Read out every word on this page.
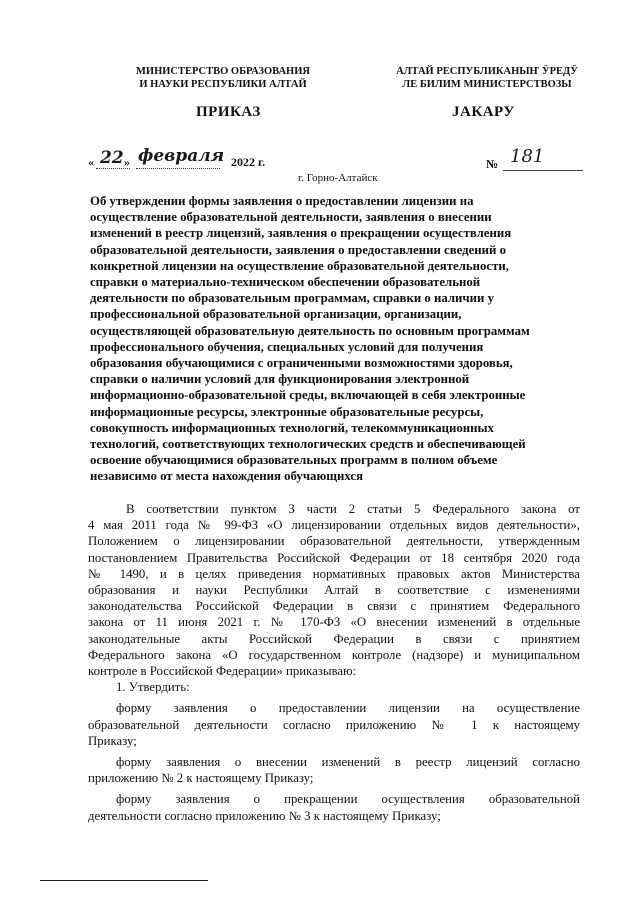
МИНИСТЕРСТВО ОБРАЗОВАНИЯ
И НАУКИ РЕСПУБЛИКИ АЛТАЙ
АЛТАЙ РЕСПУБЛИКАНЫҤ ӰРЕДӰ
ЛЕ БИЛИМ МИНИСТЕРСТВОЗЫ
ПРИКАЗ	JАКАРУ
« 22 » февраля 2022 г.	№ 181
г. Горно-Алтайск
Об утверждении формы заявления о предоставлении лицензии на
осуществление образовательной деятельности, заявления о внесении
изменений в реестр лицензий, заявления о прекращении осуществления
образовательной деятельности, заявления о предоставлении сведений о
конкретной лицензии на осуществление образовательной деятельности,
справки о материально-техническом обеспечении образовательной
деятельности по образовательным программам, справки о наличии у
профессиональной образовательной организации, организации,
осуществляющей образовательную деятельность по основным программам
профессионального обучения, специальных условий для получения
образования обучающимися с ограниченными возможностями здоровья,
справки о наличии условий для функционирования электронной
информационно-образовательной среды, включающей в себя электронные
информационные ресурсы, электронные образовательные ресурсы,
совокупность информационных технологий, телекоммуникационных
технологий, соответствующих технологических средств и обеспечивающей
освоение обучающимися образовательных программ в полном объеме
независимо от места нахождения обучающихся
В соответствии пунктом 3 части 2 статьи 5 Федерального закона от
4 мая 2011 года № 99-ФЗ «О лицензировании отдельных видов деятельности»,
Положением о лицензировании образовательной деятельности, утвержденным
постановлением Правительства Российской Федерации от 18 сентября 2020 года
№ 1490, и в целях приведения нормативных правовых актов Министерства
образования и науки Республики Алтай в соответствие с изменениями
законодательства Российской Федерации в связи с принятием Федерального
закона от 11 июня 2021 г. № 170-ФЗ «О внесении изменений в отдельные
законодательные акты Российской Федерации в связи с принятием
Федерального закона «О государственном контроле (надзоре) и муниципальном
контроле в Российской Федерации» приказываю:
1. Утвердить:
форму заявления о предоставлении лицензии на осуществление
образовательной деятельности согласно приложению № 1 к настоящему
Приказу;
форму заявления о внесении изменений в реестр лицензий согласно
приложению № 2 к настоящему Приказу;
форму заявления о прекращении осуществления образовательной
деятельности согласно приложению № 3 к настоящему Приказу;
